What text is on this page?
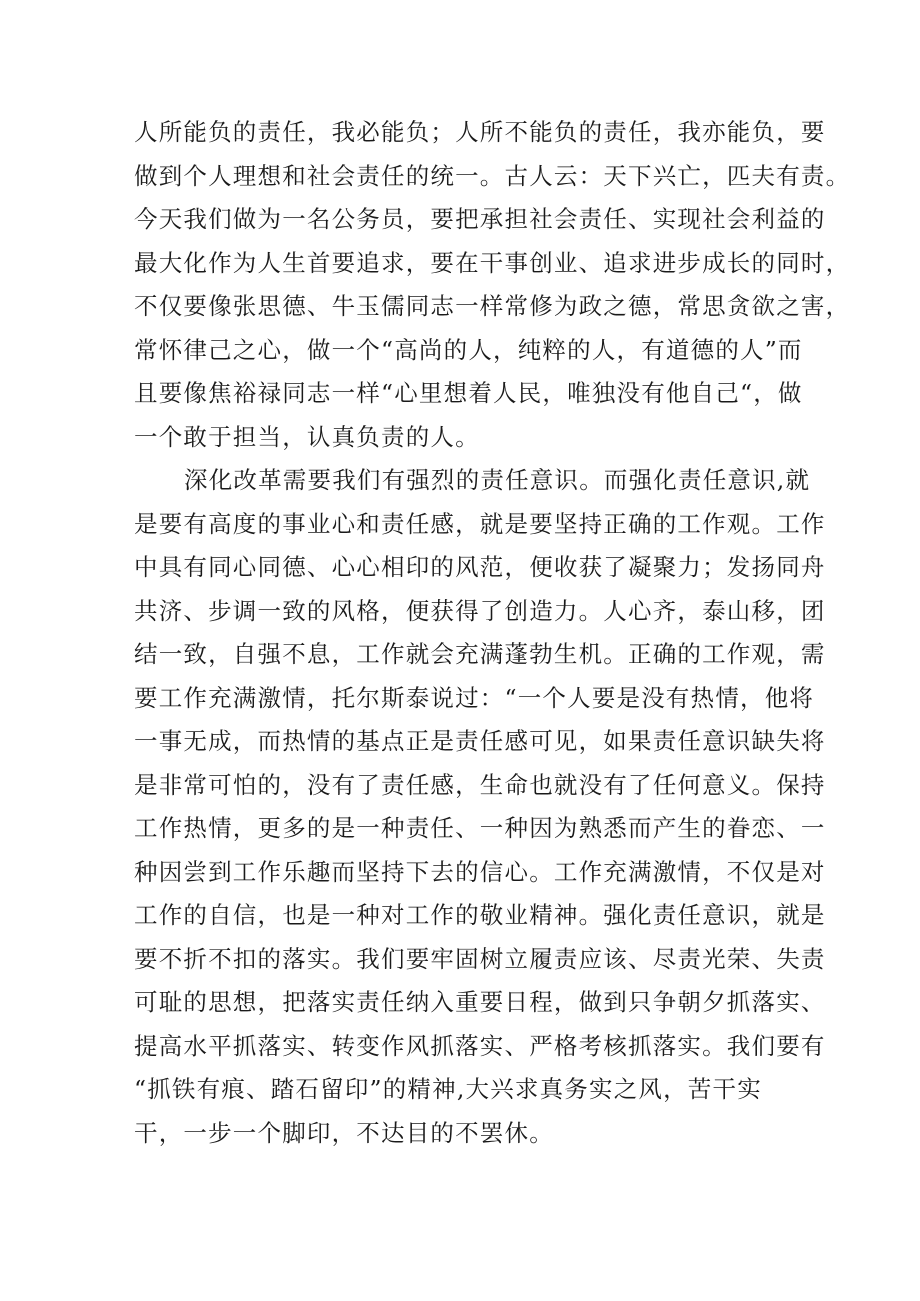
人所能负的责任，我必能负；人所不能负的责任，我亦能负，要
做到个人理想和社会责任的统一。古人云：天下兴亡，匹夫有责。
今天我们做为一名公务员，要把承担社会责任、实现社会利益的
最大化作为人生首要追求，要在干事创业、追求进步成长的同时，
不仅要像张思德、牛玉儒同志一样常修为政之德，常思贪欲之害，
常怀律己之心，做一个“高尚的人，纯粹的人，有道德的人”而
且要像焦裕禄同志一样“心里想着人民，唯独没有他自己“，做
一个敢于担当，认真负责的人。
深化改革需要我们有强烈的责任意识。而强化责任意识,就
是要有高度的事业心和责任感，就是要坚持正确的工作观。工作
中具有同心同德、心心相印的风范，便收获了凝聚力；发扬同舟
共济、步调一致的风格，便获得了创造力。人心齐，泰山移，团
结一致，自强不息，工作就会充满蓬勃生机。正确的工作观，需
要工作充满激情，托尔斯泰说过：“一个人要是没有热情，他将
一事无成，而热情的基点正是责任感可见，如果责任意识缺失将
是非常可怕的，没有了责任感，生命也就没有了任何意义。保持
工作热情，更多的是一种责任、一种因为熟悉而产生的眷恋、一
种因尝到工作乐趣而坚持下去的信心。工作充满激情，不仅是对
工作的自信，也是一种对工作的敬业精神。强化责任意识，就是
要不折不扣的落实。我们要牢固树立履责应该、尽责光荣、失责
可耻的思想，把落实责任纳入重要日程，做到只争朝夕抓落实、
提高水平抓落实、转变作风抓落实、严格考核抓落实。我们要有
“抓铁有痕、踏石留印”的精神,大兴求真务实之风，苦干实
干，一步一个脚印，不达目的不罢休。
